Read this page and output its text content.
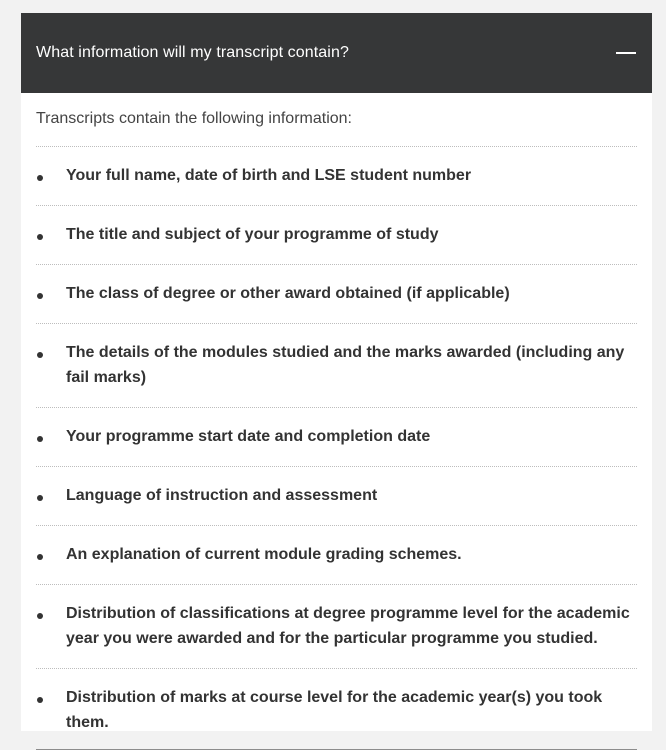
What information will my transcript contain?
Transcripts contain the following information:
Your full name, date of birth and LSE student number
The title and subject of your programme of study
The class of degree or other award obtained (if applicable)
The details of the modules studied and the marks awarded (including any fail marks)
Your programme start date and completion date
Language of instruction and assessment
An explanation of current module grading schemes.
Distribution of classifications at degree programme level for the academic year you were awarded and for the particular programme you studied.
Distribution of marks at course level for the academic year(s) you took them.
